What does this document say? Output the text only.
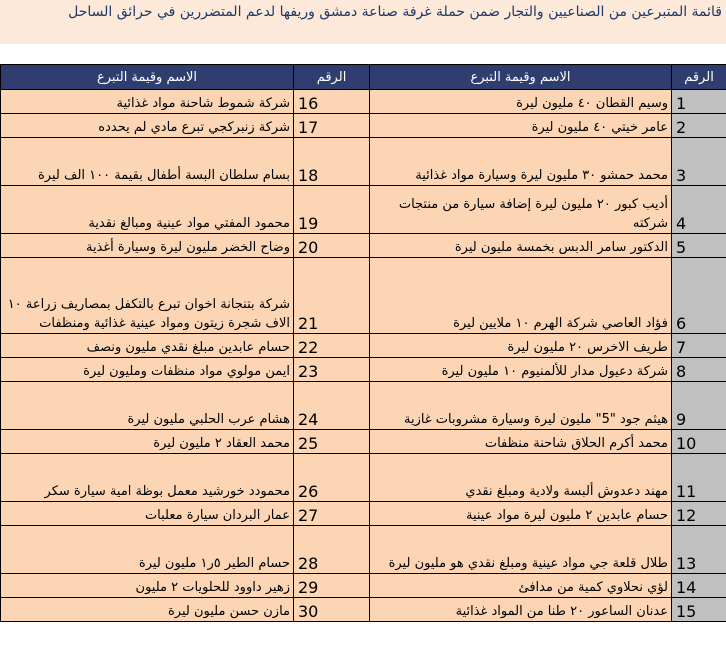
قائمة المتبرعين من الصناعيين والتجار ضمن حملة غرفة صناعة دمشق وريفها لدعم المتضررين في حرائق الساحل
الرقم	الاسم وقيمة التبرع	الرقم	الاسم وقيمة التبرع
1	وسيم القطان ٤٠ مليون ليرة	16	شركة شموط شاحنة مواد غذائية
2	عامر خيتي ٤٠ مليون ليرة	17	شركة زنبركجي تبرع مادي لم يحدده
3	محمد حمشو ٣٠ مليون ليرة وسيارة مواد غذائية	18	بسام سلطان البسة أطفال بقيمة ١٠٠ الف ليرة
4	أديب كبور ٢٠ مليون ليرة إضافة سيارة من منتجات شركته	19	محمود المفتي مواد عينية ومبالغ نقدية
5	الدكتور سامر الدبس بخمسة مليون ليرة	20	وضاح الخضر مليون ليرة وسيارة أغذية
6	فؤاد العاصي شركة الهرم ١٠ ملايين ليرة	21	شركة بتنجانة اخوان تبرع بالتكفل بمصاريف زراعة ١٠ الاف شجرة زيتون ومواد عينية غذائية ومنظفات
7	طريف الاخرس ٢٠ مليون ليرة	22	حسام عابدين مبلغ نقدي مليون ونصف
8	شركة دعيول مدار للألمنيوم ١٠ مليون ليرة	23	ايمن مولوي مواد منظفات ومليون ليرة
9	هيثم جود "5" مليون ليرة وسيارة مشروبات غازية	24	هشام عرب الحلبي مليون ليرة
10	محمد أكرم الحلاق شاحنة منظفات	25	محمد العقاد ٢ مليون ليرة
11	مهند دعدوش ألبسة ولادية ومبلغ نقدي	26	محمودد خورشيد معمل بوظة امية سيارة سكر
12	حسام عابدين ٢ مليون ليرة مواد عينية	27	عمار البردان سيارة معلبات
13	طلال قلعة جي مواد عينية ومبلغ نقدي هو مليون ليرة	28	حسام الطير ٥ر١ مليون ليرة
14	لؤي نحلاوي كمية من مدافئ	29	زهير داوود للحلويات ٢ مليون
15	عدنان الساعور ٢٠ طنا من المواد غذائية	30	مازن حسن مليون ليرة
